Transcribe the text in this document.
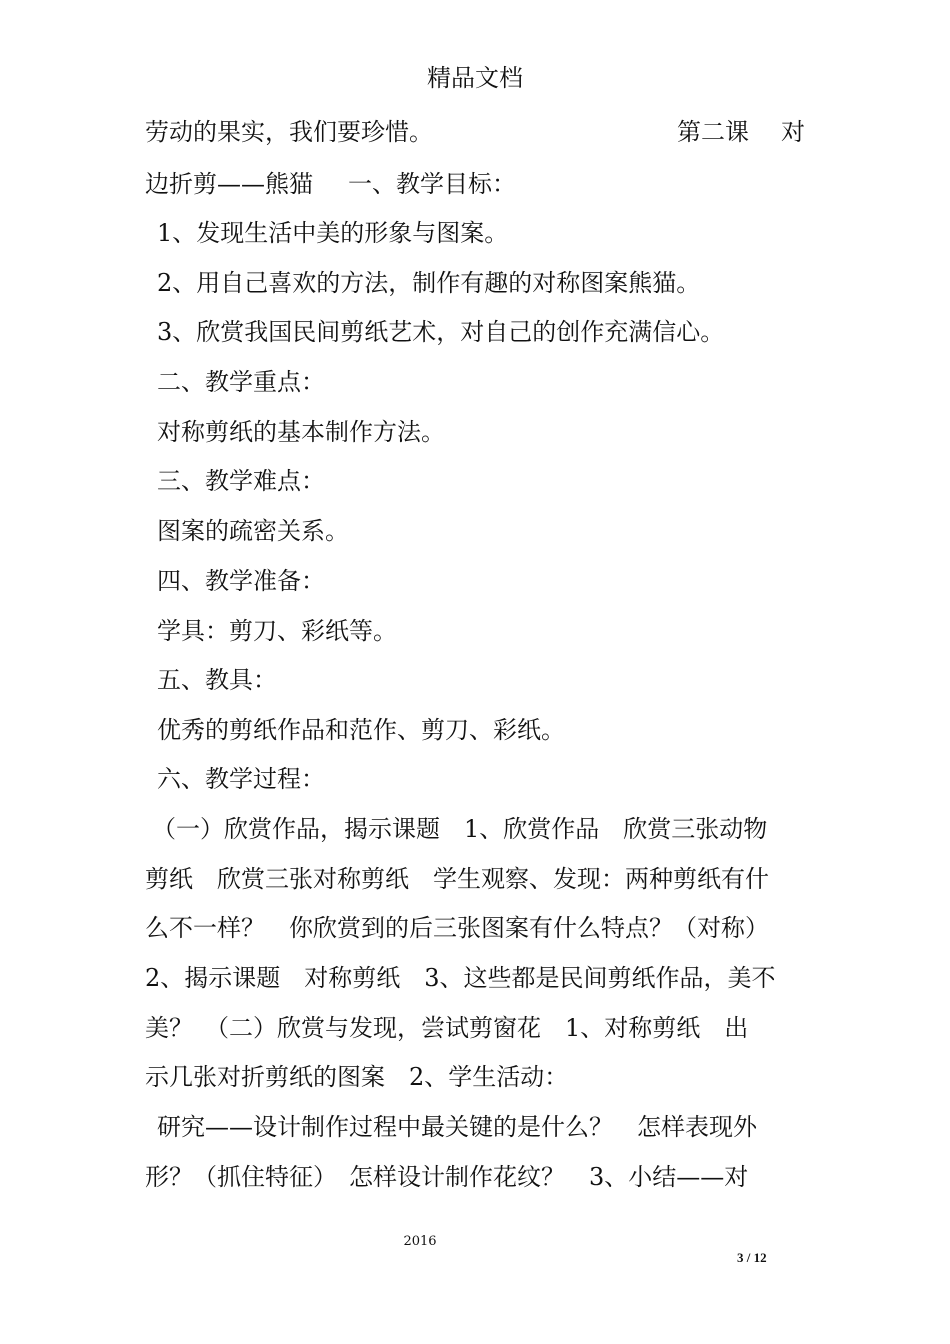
精品文档

劳动的果实，我们要珍惜。

	第二课

对

边折剪——熊猫

一、教学目标：

1、发现生活中美的形象与图案。

2、用自己喜欢的方法，制作有趣的对称图案熊猫。

3、欣赏我国民间剪纸艺术，对自己的创作充满信心。

二、教学重点：

对称剪纸的基本制作方法。

三、教学难点：

图案的疏密关系。

四、教学准备：

学具：剪刀、彩纸等。

五、教具：

优秀的剪纸作品和范作、剪刀、彩纸。

六、教学过程：

（一）欣赏作品，揭示课题　1、欣赏作品　欣赏三张动物

剪纸　欣赏三张对称剪纸　学生观察、发现：两种剪纸有什

么不一样？　你欣赏到的后三张图案有什么特点？（对称）

2、揭示课题　对称剪纸　3、这些都是民间剪纸作品，美不

美？　（二）欣赏与发现，尝试剪窗花　1、对称剪纸　出

示几张对折剪纸的图案　2、学生活动：

研究——设计制作过程中最关键的是什么？　怎样表现外

形？（抓住特征）　怎样设计制作花纹？　3、小结——对

2016
3 / 12
